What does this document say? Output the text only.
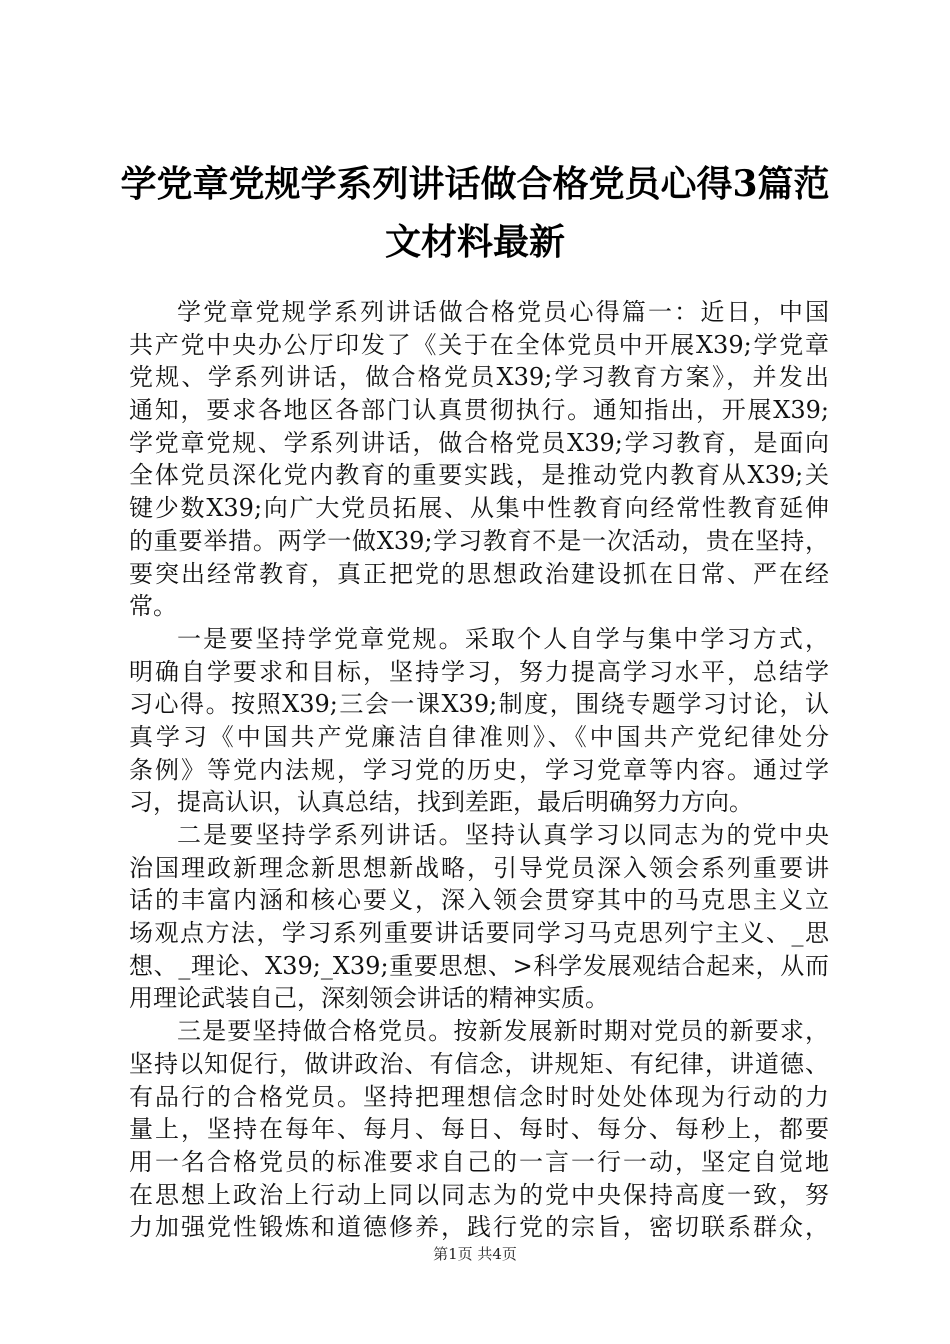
学党章党规学系列讲话做合格党员心得3篇范
文材料最新
学党章党规学系列讲话做合格党员心得篇一：近日，中国
共产党中央办公厅印发了《关于在全体党员中开展X39;学党章
党规、学系列讲话，做合格党员X39;学习教育方案》，并发出
通知，要求各地区各部门认真贯彻执行。通知指出，开展X39;
学党章党规、学系列讲话，做合格党员X39;学习教育，是面向
全体党员深化党内教育的重要实践，是推动党内教育从X39;关
键少数X39;向广大党员拓展、从集中性教育向经常性教育延伸
的重要举措。两学一做X39;学习教育不是一次活动，贵在坚持，
要突出经常教育，真正把党的思想政治建设抓在日常、严在经
常。
一是要坚持学党章党规。采取个人自学与集中学习方式，
明确自学要求和目标，坚持学习，努力提高学习水平，总结学
习心得。按照X39;三会一课X39;制度，围绕专题学习讨论，认
真学习《中国共产党廉洁自律准则》、《中国共产党纪律处分
条例》等党内法规，学习党的历史，学习党章等内容。通过学
习，提高认识，认真总结，找到差距，最后明确努力方向。
二是要坚持学系列讲话。坚持认真学习以同志为的党中央
治国理政新理念新思想新战略，引导党员深入领会系列重要讲
话的丰富内涵和核心要义，深入领会贯穿其中的马克思主义立
场观点方法，学习系列重要讲话要同学习马克思列宁主义、_思
想、_理论、X39;_X39;重要思想、>科学发展观结合起来，从而
用理论武装自己，深刻领会讲话的精神实质。
三是要坚持做合格党员。按新发展新时期对党员的新要求，
坚持以知促行，做讲政治、有信念，讲规矩、有纪律，讲道德、
有品行的合格党员。坚持把理想信念时时处处体现为行动的力
量上，坚持在每年、每月、每日、每时、每分、每秒上，都要
用一名合格党员的标准要求自己的一言一行一动，坚定自觉地
在思想上政治上行动上同以同志为的党中央保持高度一致，努
力加强党性锻炼和道德修养，践行党的宗旨，密切联系群众，
第1页 共4页
